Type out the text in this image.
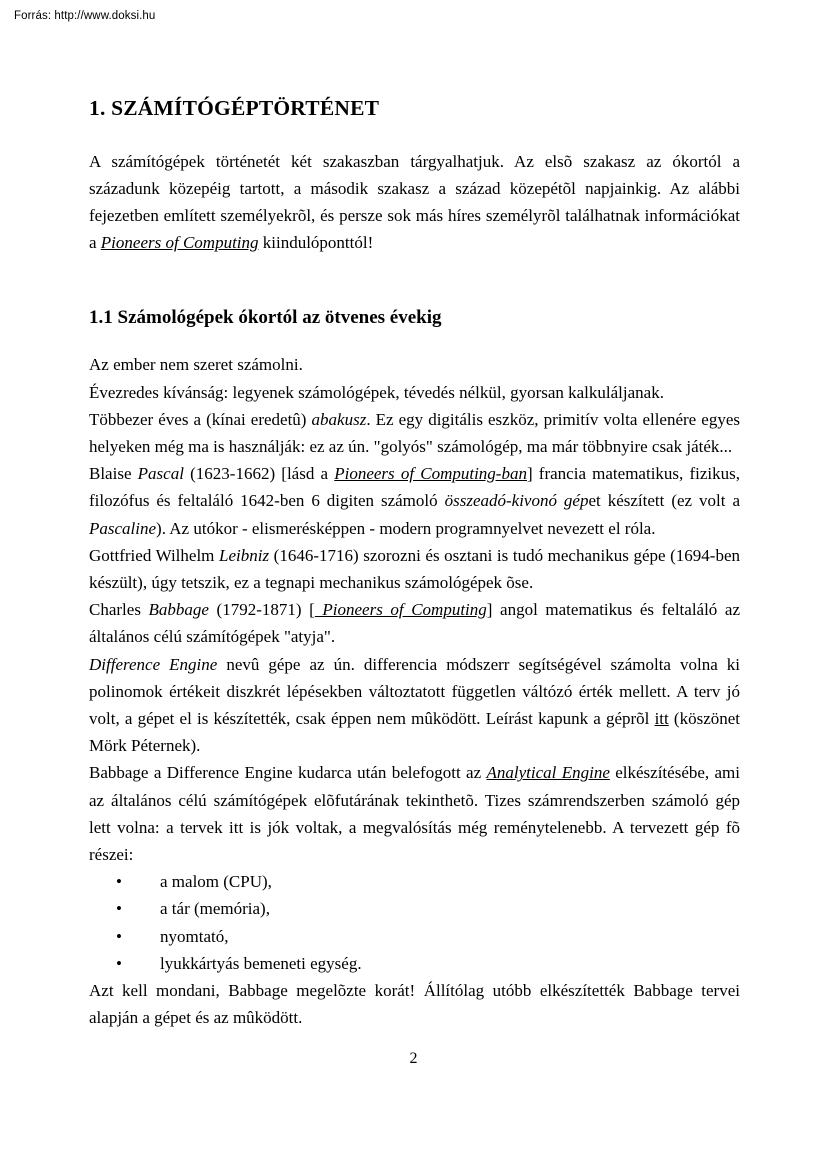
Forrás: http://www.doksi.hu
1. SZÁMÍTÓGÉPTÖRTÉNET

A számítógépek történetét két szakaszban tárgyalhatjuk. Az elsõ szakasz az ókortól a századunk közepéig tartott, a második szakasz a század közepétõl napjainkig. Az alábbi fejezetben említett személyekrõl, és persze sok más híres személyrõl találhatnak információkat a Pioneers of Computing kiindulóponttól!

1.1 Számológépek ókortól az ötvenes évekig

Az ember nem szeret számolni.

Évezredes kívánság: legyenek számológépek, tévedés nélkül, gyorsan kalkuláljanak.

Többezer éves a (kínai eredetû) abakusz. Ez egy digitális eszköz, primitív volta ellenére egyes helyeken még ma is használják: ez az ún. "golyós" számológép, ma már többnyire csak játék...

Blaise Pascal (1623-1662) [lásd a Pioneers of Computing-ban] francia matematikus, fizikus, filozófus és feltaláló 1642-ben 6 digiten számoló összeadó-kivonó gépet készített (ez volt a Pascaline). Az utókor - elismerésképpen - modern programnyelvet nevezett el róla.

Gottfried Wilhelm Leibniz (1646-1716) szorozni és osztani is tudó mechanikus gépe (1694-ben készült), úgy tetszik, ez a tegnapi mechanikus számológépek õse.

Charles Babbage (1792-1871) [ Pioneers of Computing] angol matematikus és feltaláló az általános célú számítógépek "atyja".

Difference Engine nevû gépe az ún. differencia módszerr segítségével számolta volna ki polinomok értékeit diszkrét lépésekben változtatott független váltózó érték mellett. A terv jó volt, a gépet el is készítették, csak éppen nem mûködött. Leírást kapunk a géprõl itt (köszönet Mörk Péternek).

Babbage a Difference Engine kudarca után belefogott az Analytical Engine elkészítésébe, ami az általános célú számítógépek elõfutárának tekinthetõ. Tizes számrendszerben számoló gép lett volna: a tervek itt is jók voltak, a megvalósítás még reménytelenebb. A tervezett gép fõ részei:

• a malom (CPU),
• a tár (memória),
• nyomtató,
• lyukkártyás bemeneti egység.

Azt kell mondani, Babbage megelõzte korát! Állítólag utóbb elkészítették Babbage tervei alapján a gépet és az mûködött.

2
